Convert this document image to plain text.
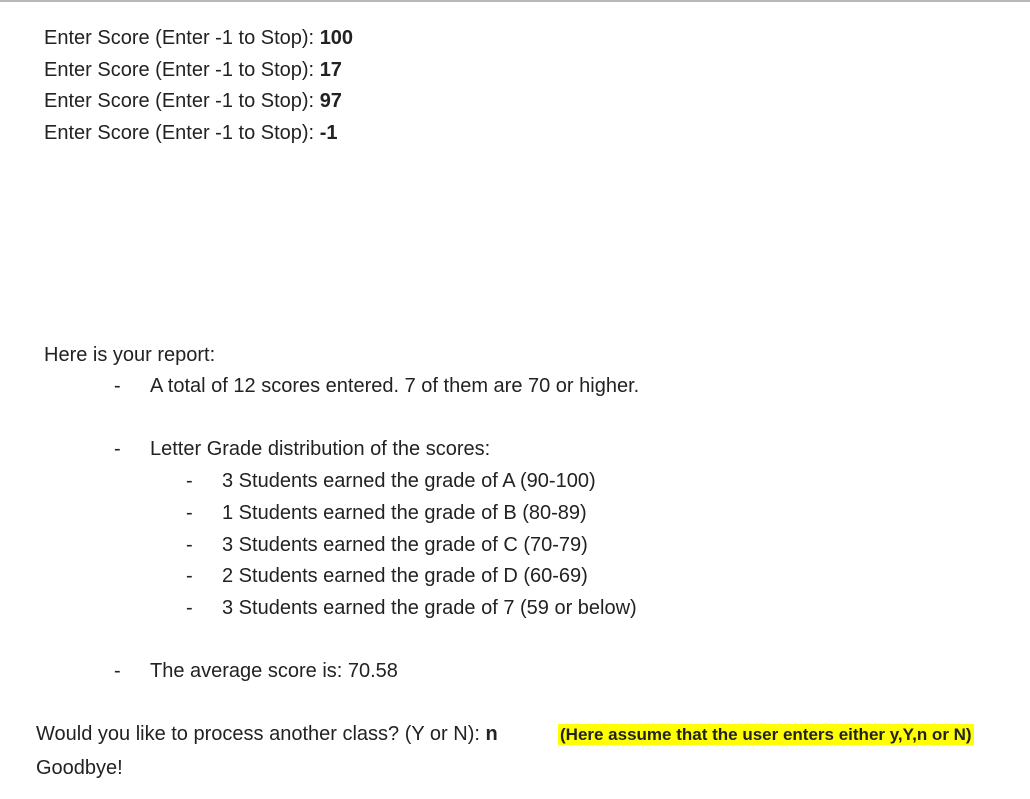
Enter Score (Enter -1 to Stop): 100
Enter Score (Enter -1 to Stop): 17
Enter Score (Enter -1 to Stop): 97
Enter Score (Enter -1 to Stop): -1
Here is your report:
- A total of 12 scores entered. 7 of them are 70 or higher.
- Letter Grade distribution of the scores:
- 3 Students earned the grade of A (90-100)
- 1 Students earned the grade of B (80-89)
- 3 Students earned the grade of C (70-79)
- 2 Students earned the grade of D (60-69)
- 3 Students earned the grade of 7 (59 or below)
- The average score is: 70.58
Would you like to process another class? (Y or N): n	(Here assume that the user enters either y,Y,n or N)
Goodbye!
